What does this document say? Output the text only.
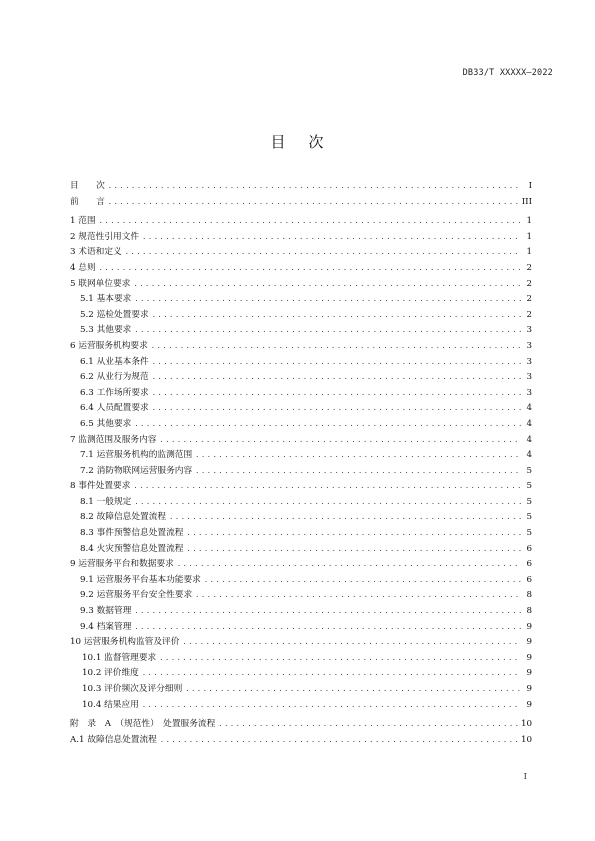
DB33/T XXXXX—2022
目 次
目　　次 .....	I
前　　言 .....	III
1 范围 .....	1
2 规范性引用文件 .....	1
3 术语和定义 .....	1
4 总则 .....	2
5 联网单位要求 .....	2
5.1 基本要求 .....	2
5.2 巡检处置要求 .....	2
5.3 其他要求 .....	3
6 运营服务机构要求 .....	3
6.1 从业基本条件 .....	3
6.2 从业行为规范 .....	3
6.3 工作场所要求 .....	3
6.4 人员配置要求 .....	4
6.5 其他要求 .....	4
7 监测范围及服务内容 .....	4
7.1 运营服务机构的监测范围 .....	4
7.2 消防物联网运营服务内容 .....	5
8 事件处置要求 .....	5
8.1 一般规定 .....	5
8.2 故障信息处置流程 .....	5
8.3 事件预警信息处置流程 .....	5
8.4 火灾预警信息处置流程 .....	6
9 运营服务平台和数据要求 .....	6
9.1 运营服务平台基本功能要求 .....	6
9.2 运营服务平台安全性要求 .....	8
9.3 数据管理 .....	8
9.4 档案管理 .....	9
10 运营服务机构监管及评价 .....	9
10.1 监督管理要求 .....	9
10.2 评价维度 .....	9
10.3 评价频次及评分细则 .....	9
10.4 结果应用 .....	9
附　录　A　（规范性）　处置服务流程 .....	10
A.1 故障信息处置流程 .....	10
I
